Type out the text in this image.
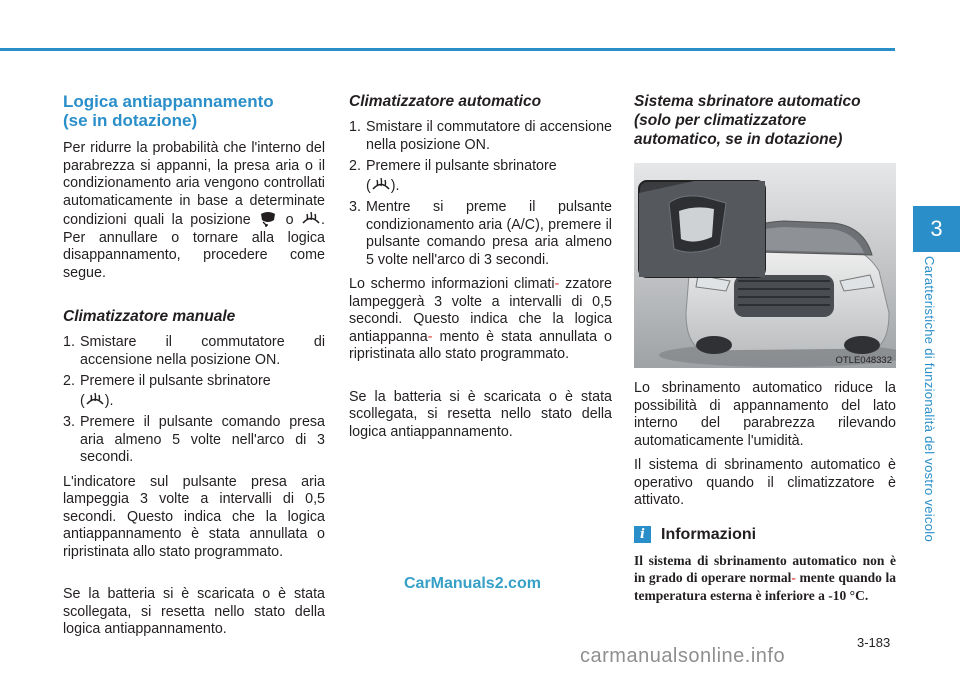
3
Caratteristiche di funzionalità del vostro veicolo
Logica antiappannamento
(se in dotazione)

Per ridurre la probabilità che l'interno del parabrezza si appanni, la presa aria o il condizionamento aria vengono controllati automaticamente in base a determinate condizioni quali la posizione o . Per annullare o tornare alla logica disappannamento, procedere come segue.

Climatizzatore manuale
1. Smistare il commutatore di accensione nella posizione ON.
2. Premere il pulsante sbrinatore
( ).
3. Premere il pulsante comando presa aria almeno 5 volte nell'arco di 3 secondi.

L'indicatore sul pulsante presa aria lampeggia 3 volte a intervalli di 0,5 secondi. Questo indica che la logica antiappannamento è stata annullata o ripristinata allo stato programmato.

Se la batteria si è scaricata o è stata scollegata, si resetta nello stato della logica antiappannamento.

Climatizzatore automatico
1. Smistare il commutatore di accensione nella posizione ON.
2. Premere il pulsante sbrinatore
( ).
3. Mentre si preme il pulsante condizionamento aria (A/C), premere il pulsante comando presa aria almeno 5 volte nell'arco di 3 secondi.

Lo schermo informazioni climati- zzatore lampeggerà 3 volte a intervalli di 0,5 secondi. Questo indica che la logica antiappanna- mento è stata annullata o ripristinata allo stato programmato.

Se la batteria si è scaricata o è stata scollegata, si resetta nello stato della logica antiappannamento.

Sistema sbrinatore automatico
(solo per climatizzatore
automatico, se in dotazione)
OTLE048332

Lo sbrinamento automatico riduce la possibilità di appannamento del lato interno del parabrezza rilevando automaticamente l'umidità.

Il sistema di sbrinamento automatico è operativo quando il climatizzatore è attivato.

i	Informazioni

Il sistema di sbrinamento automatico non è in grado di operare normal- mente quando la temperatura esterna è inferiore a -10 °C.

CarManuals2.com
3-183
carmanualsonline.info
